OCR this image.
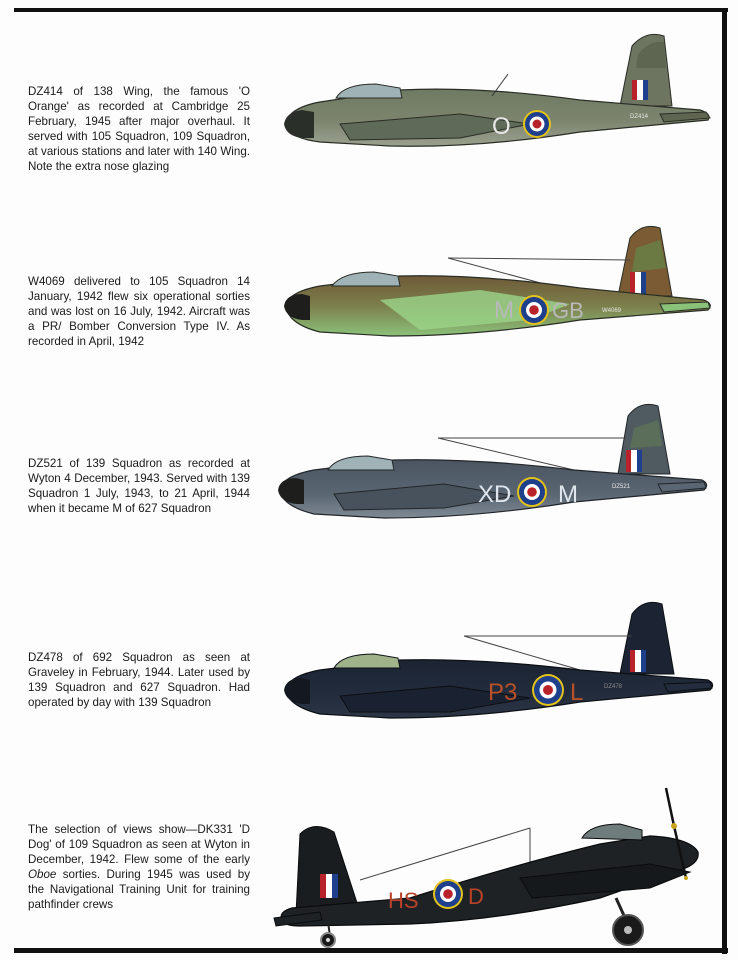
DZ414 of 138 Wing, the famous 'O Orange' as recorded at Cambridge 25 February, 1945 after major overhaul. It served with 105 Squadron, 109 Squadron, at various stations and later with 140 Wing. Note the extra nose glazing

W4069 delivered to 105 Squadron 14 January, 1942 flew six operational sorties and was lost on 16 July, 1942. Aircraft was a PR/ Bomber Conversion Type IV. As recorded in April, 1942

DZ521 of 139 Squadron as recorded at Wyton 4 December, 1943. Served with 139 Squadron 1 July, 1943, to 21 April, 1944 when it became M of 627 Squadron

DZ478 of 692 Squadron as seen at Graveley in February, 1944. Later used by 139 Squadron and 627 Squadron. Had operated by day with 139 Squadron

The selection of views show—DK331 'D Dog' of 109 Squadron as seen at Wyton in December, 1942. Flew some of the early Oboe sorties. During 1945 was used by the Navigational Training Unit for training pathfinder crews

O	DZ414
M GB	W4069
XD M	DZ521
P3 L	DZ478
HS D
